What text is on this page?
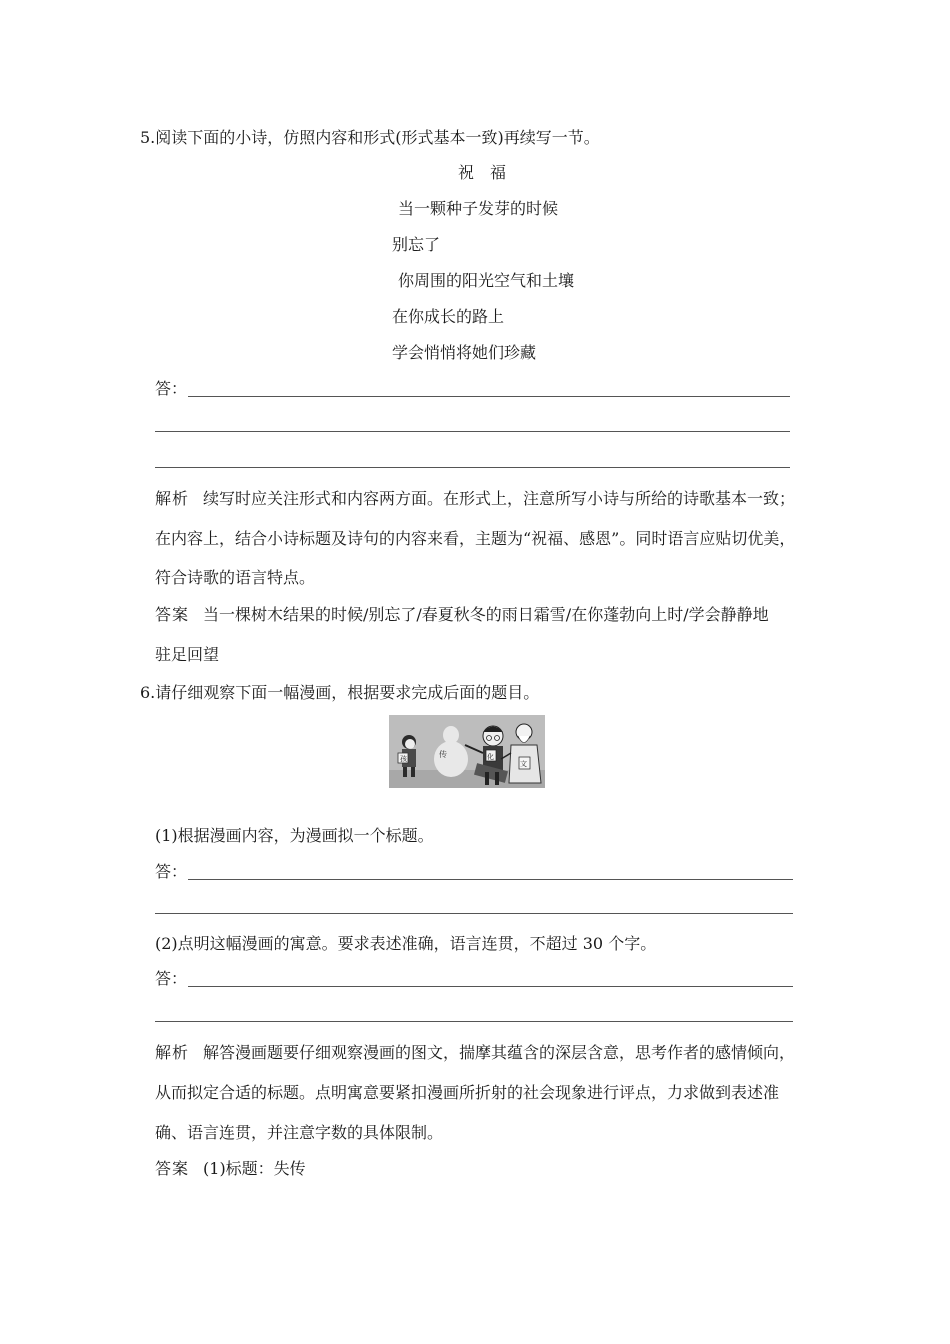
5.阅读下面的小诗，仿照内容和形式(形式基本一致)再续写一节。
祝　福
当一颗种子发芽的时候
别忘了
你周围的阳光空气和土壤
在你成长的路上
学会悄悄将她们珍藏
答：
解析 续写时应关注形式和内容两方面。在形式上，注意所写小诗与所给的诗歌基本一致；
在内容上，结合小诗标题及诗句的内容来看，主题为“祝福、感恩”。同时语言应贴切优美，
符合诗歌的语言特点。
答案 当一棵树木结果的时候/别忘了/春夏秋冬的雨日霜雪/在你蓬勃向上时/学会静静地
驻足回望
6.请仔细观察下面一幅漫画，根据要求完成后面的题目。
孩	传	化
文
(1)根据漫画内容，为漫画拟一个标题。
答：
(2)点明这幅漫画的寓意。要求表述准确，语言连贯，不超过 30 个字。
答：
解析 解答漫画题要仔细观察漫画的图文，揣摩其蕴含的深层含意，思考作者的感情倾向，
从而拟定合适的标题。点明寓意要紧扣漫画所折射的社会现象进行评点，力求做到表述准
确、语言连贯，并注意字数的具体限制。
答案 (1)标题：失传
